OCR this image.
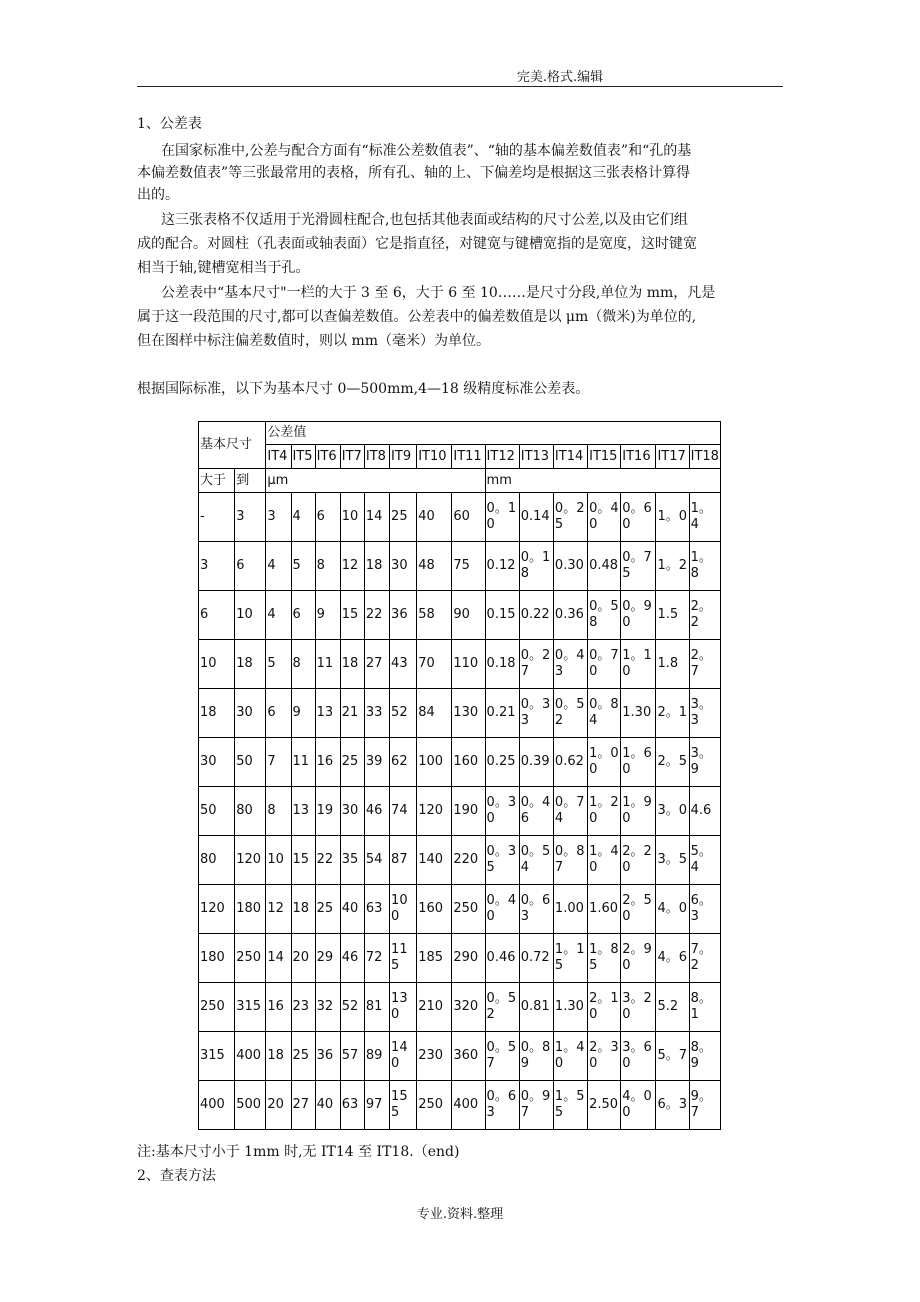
完美.格式.编辑
1、公差表
在国家标准中,公差与配合方面有“标准公差数值表”、“轴的基本偏差数值表”和“孔的基
本偏差数值表”等三张最常用的表格，所有孔、轴的上、下偏差均是根据这三张表格计算得
出的。
这三张表格不仅适用于光滑圆柱配合,也包括其他表面或结构的尺寸公差,以及由它们组
成的配合。对圆柱（孔表面或轴表面）它是指直径，对键宽与键槽宽指的是宽度，这时键宽
相当于轴,键槽宽相当于孔。
公差表中“基本尺寸"一栏的大于 3 至 6，大于 6 至 10……是尺寸分段,单位为 mm，凡是
属于这一段范围的尺寸,都可以查偏差数值。公差表中的偏差数值是以 μm（微米)为单位的,
但在图样中标注偏差数值时，则以 mm（毫米）为单位。
根据国际标准，以下为基本尺寸 0—500mm,4—18 级精度标准公差表。
基本尺寸		公差值														
		IT4	IT5	IT6	IT7	IT8	IT9	IT10	IT11	IT12	IT13	IT14	IT15	IT16	IT17	IT18
大于	到	μm								mm						
-	3	3	4	6	10	14	25	40	60	0。10	0.14	0。25	0。40	0。60	1。0	1。4
3	6	4	5	8	12	18	30	48	75	0.12	0。18	0.30	0.48	0。75	1。2	1。8
6	10	4	6	9	15	22	36	58	90	0.15	0.22	0.36	0。58	0。90	1.5	2。2
10	18	5	8	11	18	27	43	70	110	0.18	0。27	0。43	0。70	1。10	1.8	2。7
18	30	6	9	13	21	33	52	84	130	0.21	0。33	0。52	0。84	1.30	2。1	3。3
30	50	7	11	16	25	39	62	100	160	0.25	0.39	0.62	1。00	1。60	2。5	3。9
50	80	8	13	19	30	46	74	120	190	0。30	0。46	0。74	1。20	1。90	3。0	4.6
80	120	10	15	22	35	54	87	140	220	0。35	0。54	0。87	1。40	2。20	3。5	5。4
120	180	12	18	25	40	63	100	160	250	0。40	0。63	1.00	1.60	2。50	4。0	6。3
180	250	14	20	29	46	72	115	185	290	0.46	0.72	1。15	1。85	2。90	4。6	7。2
250	315	16	23	32	52	81	130	210	320	0。52	0.81	1.30	2。10	3。20	5.2	8。1
315	400	18	25	36	57	89	140	230	360	0。57	0。89	1。40	2。30	3。60	5。7	8。9
400	500	20	27	40	63	97	155	250	400	0。63	0。97	1。55	2.50	4。00	6。3	9。7
注:基本尺寸小于 1mm 时,无 IT14 至 IT18.（end)
2、查表方法
专业.资料.整理
